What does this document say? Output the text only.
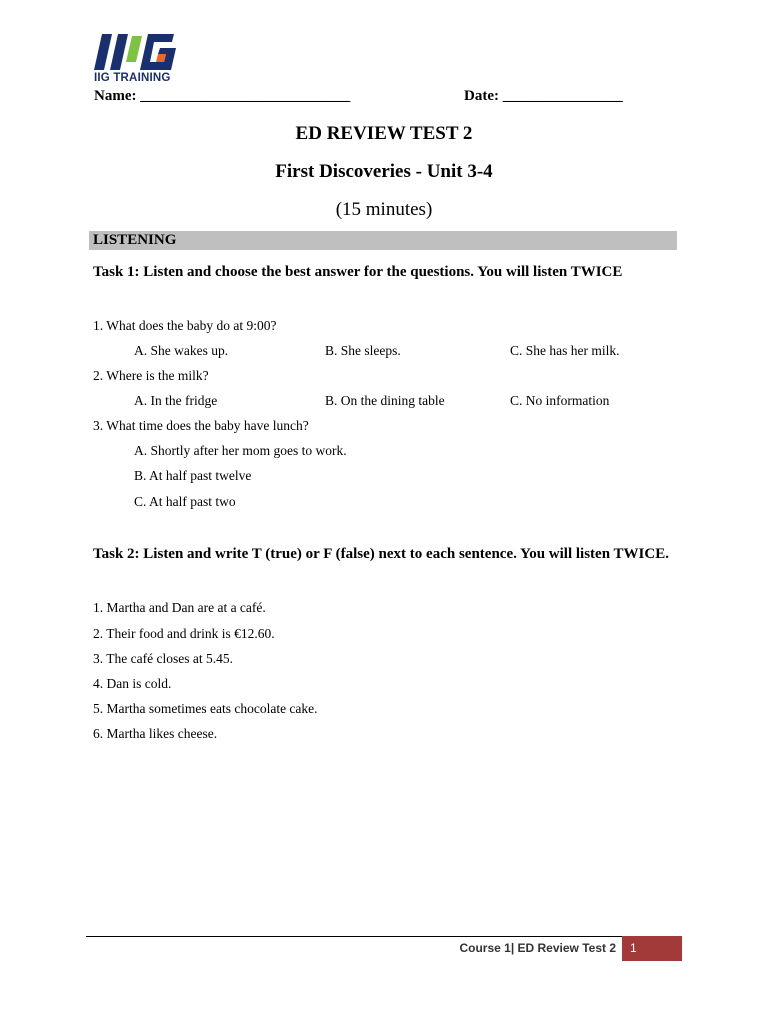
IIG TRAINING
Name: ____________________________	Date: ________________
ED REVIEW TEST 2
First Discoveries - Unit 3-4
(15 minutes)
LISTENING
Task 1: Listen and choose the best answer for the questions. You will listen TWICE
1. What does the baby do at 9:00?
A. She wakes up.	B. She sleeps.	C. She has her milk.
2. Where is the milk?
A. In the fridge	B. On the dining table	C. No information
3. What time does the baby have lunch?
A. Shortly after her mom goes to work.
B. At half past twelve
C. At half past two
Task 2: Listen and write T (true) or F (false) next to each sentence. You will listen TWICE.
1. Martha and Dan are at a café.
2. Their food and drink is €12.60.
3. The café closes at 5.45.
4. Dan is cold.
5. Martha sometimes eats chocolate cake.
6. Martha likes cheese.
Course 1| ED Review Test 2	1
